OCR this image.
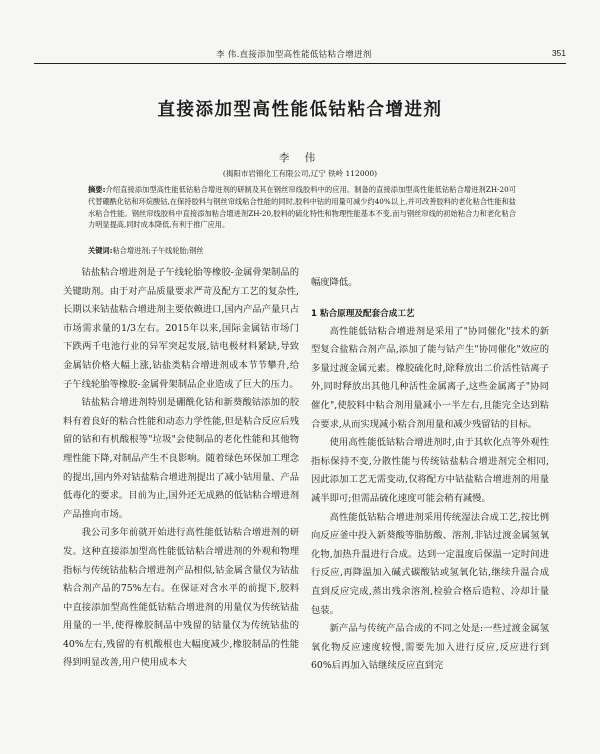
李 伟.直接添加型高性能低钴粘合增进剂	351
直接添加型高性能低钴粘合增进剂
李 伟
(揭阳市岩锦化工有限公司,辽宁 铁岭 112000)
摘要:介绍直接添加型高性能低钴粘合增进剂的研制及其在钢丝帘线胶料中的应用。制备的直接添加型高性能低钴粘合增进剂ZH-20可代替硼酰化钴和环烷酸钴,在保持胶料与钢丝帘线粘合性能的同时,胶料中钴的用量可减少约40%以上,并可改善胶料的老化粘合性能和盐水粘合性能。钢丝帘线胶料中直接添加粘合增进剂ZH-20,胶料的硫化特性和物理性能基本不变,而与钢丝帘线的初始粘合力和老化粘合力明显提高,同时成本降低,有利于推广应用。
关键词:粘合增进剂;子午线轮胎;钢丝

钴盐粘合增进剂是子午线轮胎等橡胶-金属骨架制品的关键助剂。由于对产品质量要求严苛及配方工艺的复杂性,长期以来钴盐粘合增进剂主要依赖进口,国内产品产量只占市场需求量的1/3左右。2015年以来,国际金属钴市场门下跌两千电池行业的异军突起发展,钴电极材料紧缺,导致金属钴价格大幅上涨,钴盐类粘合增进剂成本节节攀升,给子午线轮胎等橡胶-金属骨架制品企业造成了巨大的压力。

钴盐粘合增进剂特别是硼酰化钴和新葵酸钴添加的胶料有着良好的粘合性能和动态力学性能,但是粘合反应后残留的钴和有机酸根等"垃圾"会使制品的老化性能和其他物理性能下降,对制品产生不良影响。随着绿色环保加工理念的提出,国内外对钴盐粘合增进剂提出了减小钴用量、产品低毒化的要求。目前为止,国外还无成熟的低钴粘合增进剂产品推向市场。

我公司多年前就开始进行高性能低钴粘合增进剂的研发。这种直接添加型高性能低钴粘合增进剂的外观和物理指标与传统钴盐粘合增进剂产品相似,钴金属含量仅为钴盐粘合剂产品的75%左右。在保证对含水平的前提下,胶料中直接添加型高性能低钴粘合增进剂的用量仅为传统钴盐用量的一半,使得橡胶制品中残留的钴量仅为传统钴盐的40%左右,残留的有机酸根也大幅度减少,橡胶制品的性能得到明显改善,用户使用成本大

幅度降低。

1 粘合原理及配套合成工艺

高性能低钴粘合增进剂是采用了"协同催化"技术的新型复合盐粘合剂产品,添加了能与钴产生"协同催化"效应的多量过渡金属元素。橡胶硫化时,除释放出二价活性钴离子外,同时释放出其他几种活性金属离子,这些金属离子"协同催化",使胶料中粘合剂用量减小一半左右,且能完全达到粘合要求,从而实现减小粘合剂用量和减少残留钴的目标。

使用高性能低钴粘合增进剂时,由于其软化点等外观性指标保持不变,分散性能与传统钴盐粘合增进剂完全相同,因此添加工艺无需变动,仅将配方中钴盐粘合增进剂的用量减半即可;但需品硫化速度可能会稍有减慢。

高性能低钴粘合增进剂采用传统湿法合成工艺,按比例向反应釜中投入新葵酸等脂肪酸、溶剂,非钴过渡金属氢氧化物,加热升温进行合成。达到一定温度后保温一定时间进行反应,再降温加入碱式碳酸钴或氢氧化钴,继续升温合成直到反应完成,蒸出残余溶剂,检验合格后造粒、冷却计量包装。

新产品与传统产品合成的不同之处是:一些过渡金属氢氧化物反应速度较慢,需要先加入进行反应,反应进行到60%后再加入钴继续反应直到完
